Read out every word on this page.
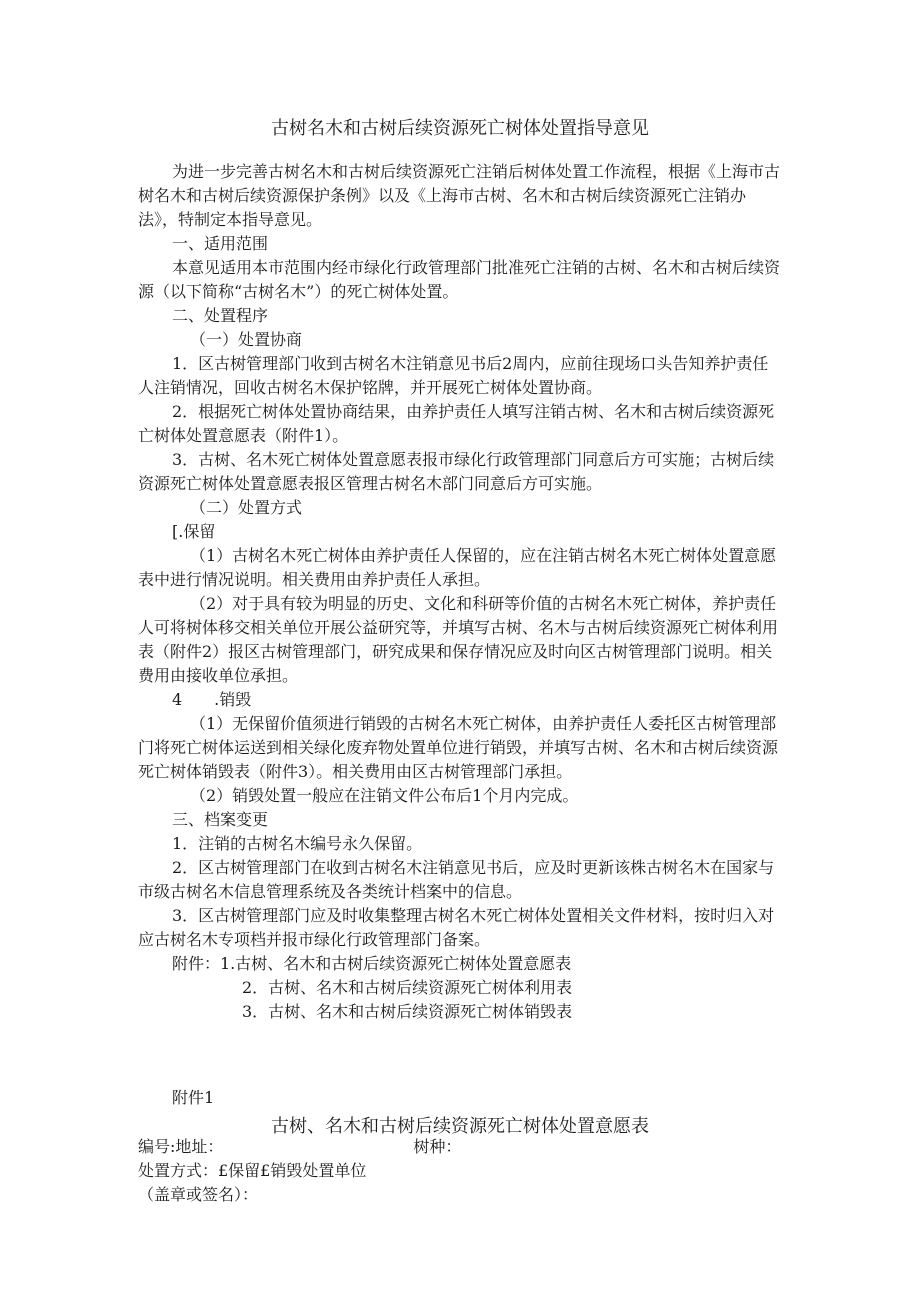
古树名木和古树后续资源死亡树体处置指导意见

为进一步完善古树名木和古树后续资源死亡注销后树体处置工作流程，根据《上海市古树名木和古树后续资源保护条例》以及《上海市古树、名木和古树后续资源死亡注销办法》，特制定本指导意见。

一、适用范围

本意见适用本市范围内经市绿化行政管理部门批准死亡注销的古树、名木和古树后续资源（以下简称“古树名木”）的死亡树体处置。

二、处置程序

（一）处置协商

1．区古树管理部门收到古树名木注销意见书后2周内，应前往现场口头告知养护责任人注销情况，回收古树名木保护铭牌，并开展死亡树体处置协商。

2．根据死亡树体处置协商结果，由养护责任人填写注销古树、名木和古树后续资源死亡树体处置意愿表（附件1）。

3．古树、名木死亡树体处置意愿表报市绿化行政管理部门同意后方可实施；古树后续资源死亡树体处置意愿表报区管理古树名木部门同意后方可实施。

（二）处置方式

[.保留

（1）古树名木死亡树体由养护责任人保留的，应在注销古树名木死亡树体处置意愿表中进行情况说明。相关费用由养护责任人承担。

（2）对于具有较为明显的历史、文化和科研等价值的古树名木死亡树体，养护责任人可将树体移交相关单位开展公益研究等，并填写古树、名木与古树后续资源死亡树体利用表（附件2）报区古树管理部门，研究成果和保存情况应及时向区古树管理部门说明。相关费用由接收单位承担。

4　　.销毁

（1）无保留价值须进行销毁的古树名木死亡树体，由养护责任人委托区古树管理部门将死亡树体运送到相关绿化废弃物处置单位进行销毁，并填写古树、名木和古树后续资源死亡树体销毁表（附件3）。相关费用由区古树管理部门承担。

（2）销毁处置一般应在注销文件公布后1个月内完成。

三、档案变更

1．注销的古树名木编号永久保留。

2．区古树管理部门在收到古树名木注销意见书后，应及时更新该株古树名木在国家与市级古树名木信息管理系统及各类统计档案中的信息。

3．区古树管理部门应及时收集整理古树名木死亡树体处置相关文件材料，按时归入对应古树名木专项档并报市绿化行政管理部门备案。

附件：1.古树、名木和古树后续资源死亡树体处置意愿表

2．古树、名木和古树后续资源死亡树体利用表

3．古树、名木和古树后续资源死亡树体销毁表

附件1

古树、名木和古树后续资源死亡树体处置意愿表

编号:地址：	树种：

处置方式：£保留£销毁处置单位

（盖章或签名）：
